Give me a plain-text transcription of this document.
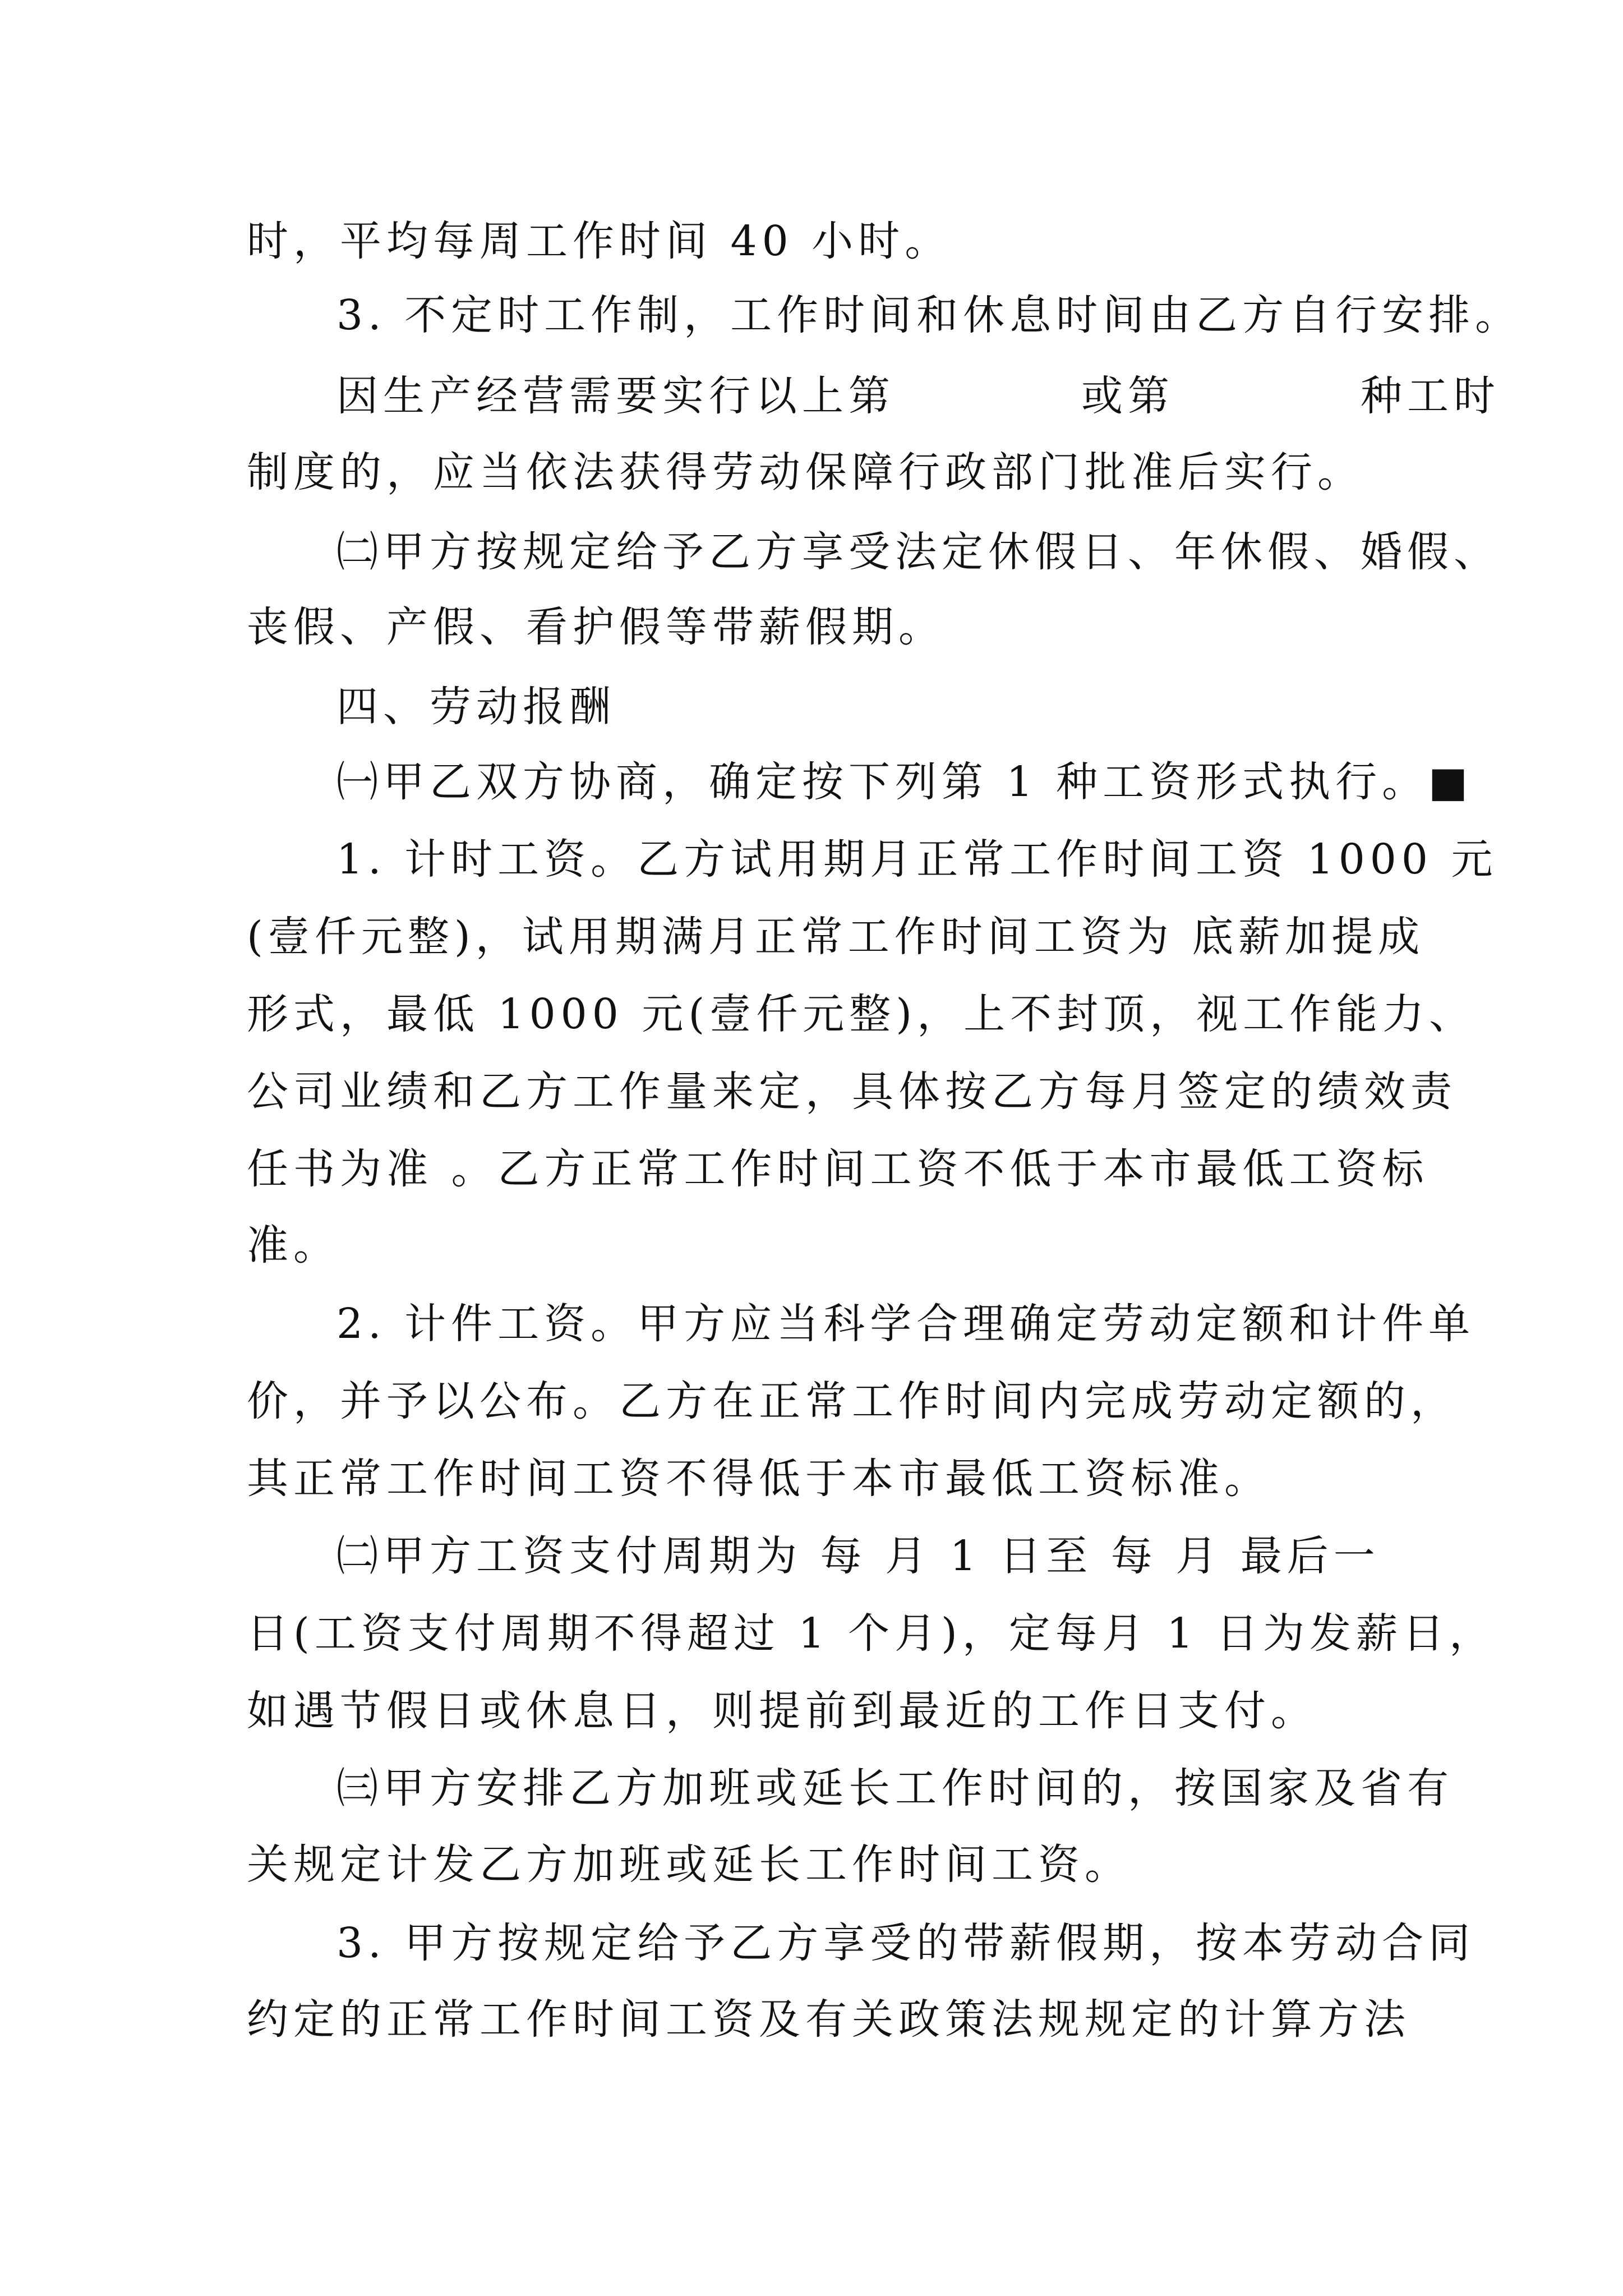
时，平均每周工作时间 40 小时。
3. 不定时工作制，工作时间和休息时间由乙方自行安排。
因生产经营需要实行以上第　　　　或第　　　　种工时
制度的，应当依法获得劳动保障行政部门批准后实行。
㈡甲方按规定给予乙方享受法定休假日、年休假、婚假、
丧假、产假、看护假等带薪假期。
四、劳动报酬
㈠甲乙双方协商，确定按下列第 1 种工资形式执行。■
1. 计时工资。乙方试用期月正常工作时间工资 1000 元
(壹仟元整)，试用期满月正常工作时间工资为 底薪加提成
形式，最低 1000 元(壹仟元整)，上不封顶，视工作能力、
公司业绩和乙方工作量来定，具体按乙方每月签定的绩效责
任书为准 。乙方正常工作时间工资不低于本市最低工资标
准。
2. 计件工资。甲方应当科学合理确定劳动定额和计件单
价，并予以公布。乙方在正常工作时间内完成劳动定额的，
其正常工作时间工资不得低于本市最低工资标准。
㈡甲方工资支付周期为 每 月 1 日至 每 月 最后一
日(工资支付周期不得超过 1 个月)，定每月 1 日为发薪日，
如遇节假日或休息日，则提前到最近的工作日支付。
㈢甲方安排乙方加班或延长工作时间的，按国家及省有
关规定计发乙方加班或延长工作时间工资。
3. 甲方按规定给予乙方享受的带薪假期，按本劳动合同
约定的正常工作时间工资及有关政策法规规定的计算方法
